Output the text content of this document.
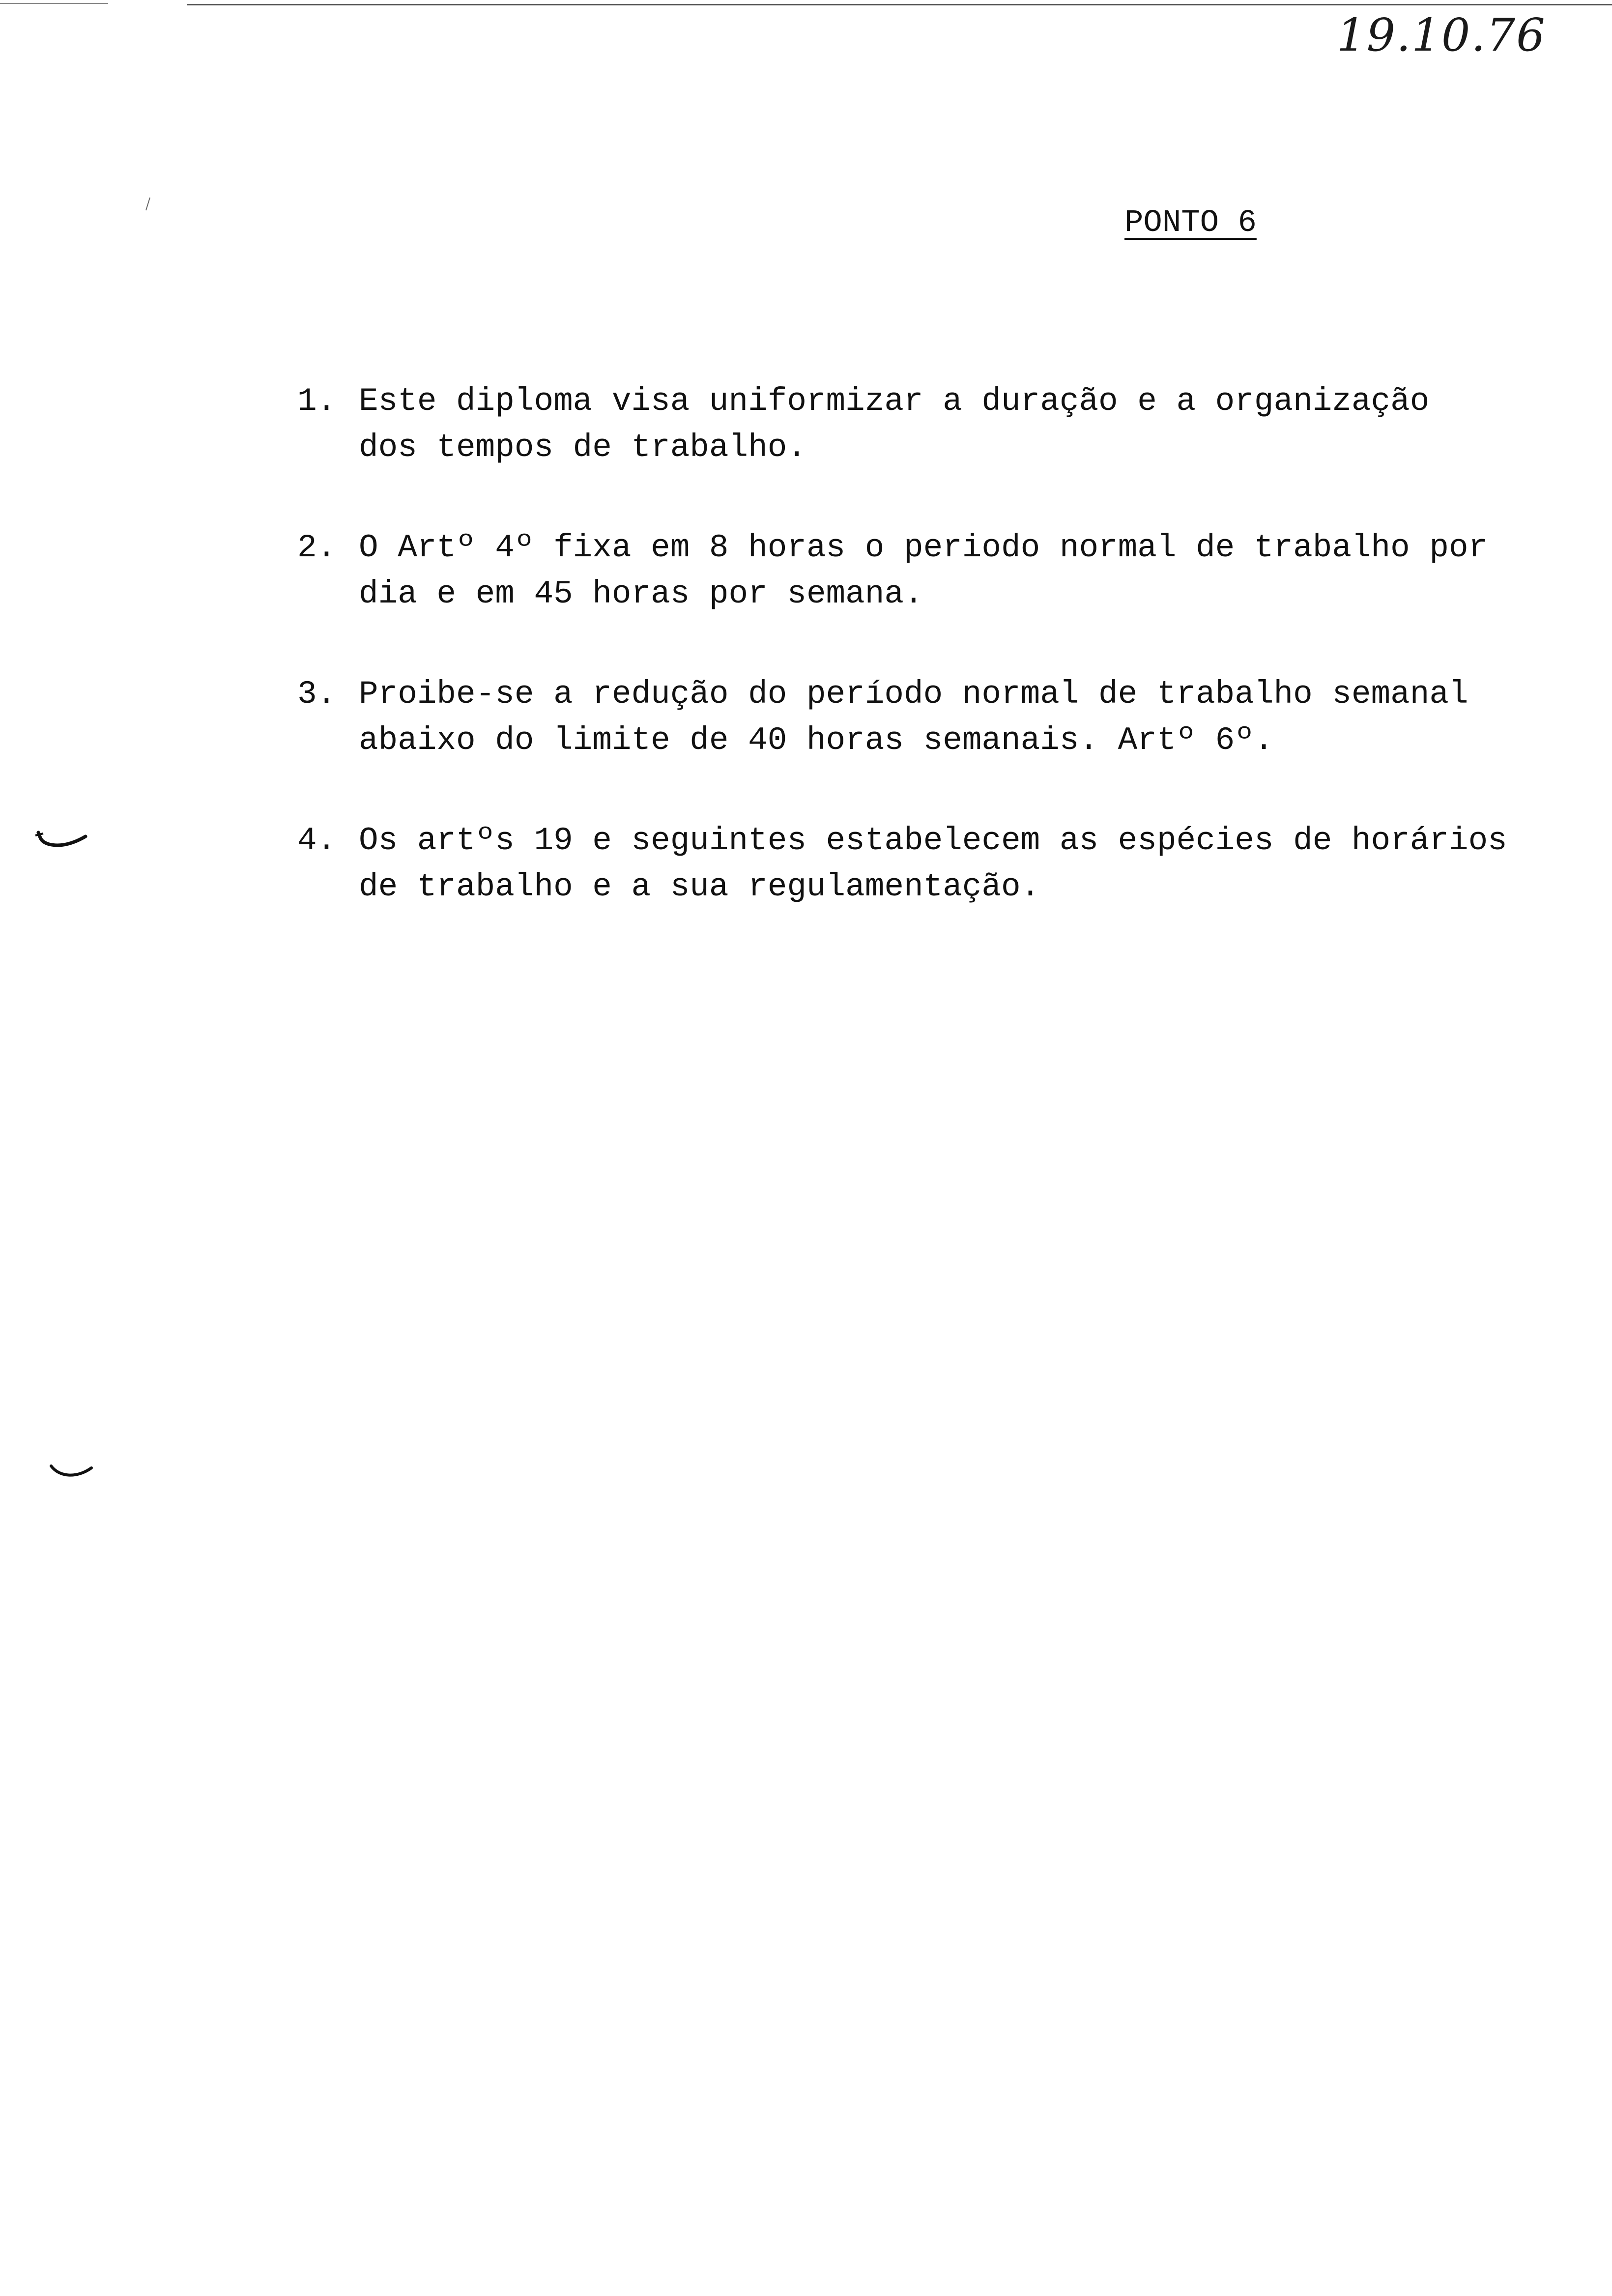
19.10.76
PONTO 6
1. Este diploma visa uniformizar a duração e a organização
dos tempos de trabalho.
2. O Artº 4º fixa em 8 horas o periodo normal de trabalho por
dia e em 45 horas por semana.
3. Proibe-se a redução do período normal de trabalho semanal
abaixo do limite de 40 horas semanais. Artº 6º.
4. Os artºs 19 e seguintes estabelecem as espécies de horários
de trabalho e a sua regulamentação.
